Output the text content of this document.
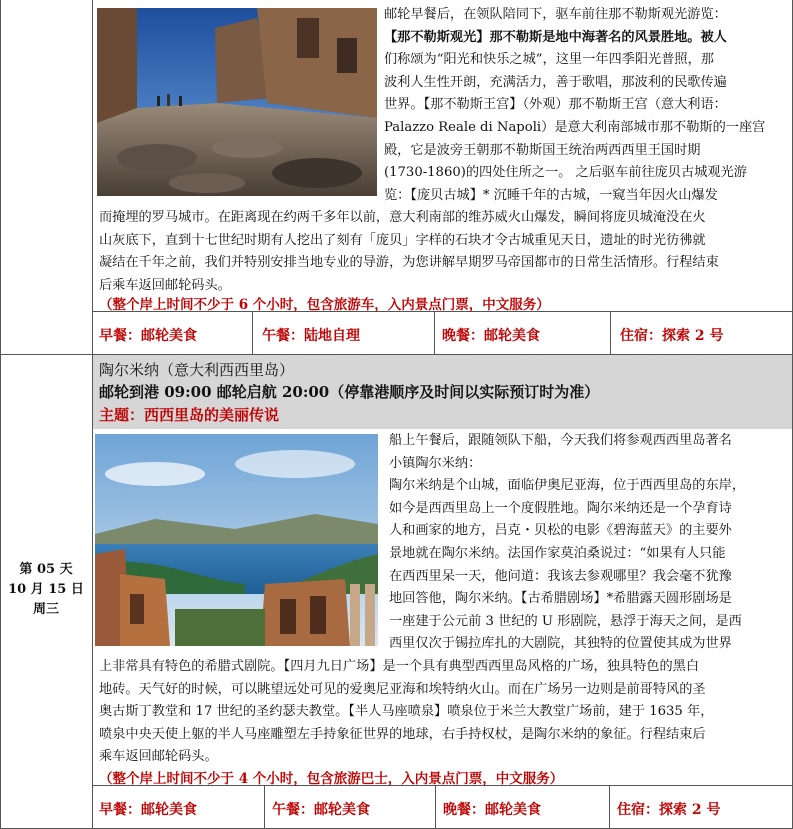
邮轮早餐后，在领队陪同下，驱车前往那不勒斯观光游览：
【那不勒斯观光】那不勒斯是地中海著名的风景胜地。被人
们称颂为“阳光和快乐之城”，这里一年四季阳光普照，那
波利人生性开朗，充满活力，善于歌唱，那波利的民歌传遍
世界。【那不勒斯王宫】（外观）那不勒斯王宫（意大利语：
Palazzo Reale di Napoli）是意大利南部城市那不勒斯的一座宫
殿，它是波旁王朝那不勒斯国王统治两西西里王国时期
(1730-1860)的四处住所之一。 之后驱车前往庞贝古城观光游
览：【庞贝古城】* 沉睡千年的古城，一窥当年因火山爆发
而掩埋的罗马城市。在距离现在约两千多年以前，意大利南部的维苏威火山爆发，瞬间将庞贝城淹没在火
山灰底下，直到十七世纪时期有人挖出了刻有「庞贝」字样的石块才令古城重见天日，遗址的时光彷彿就
凝结在千年之前，我们并特别安排当地专业的导游，为您讲解早期罗马帝国都市的日常生活情形。行程结束
后乘车返回邮轮码头。
（整个岸上时间不少于 6 个小时，包含旅游车，入内景点门票，中文服务）
早餐：邮轮美食	午餐：陆地自理	晚餐：邮轮美食	住宿：探索 2 号
第 05 天
10 月 15 日
周三
陶尔米纳（意大利西西里岛）
邮轮到港 09:00 邮轮启航 20:00（停靠港顺序及时间以实际预订时为准）
主题：西西里岛的美丽传说
船上午餐后，跟随领队下船，今天我们将参观西西里岛著名
小镇陶尔米纳：
陶尔米纳是个山城，面临伊奥尼亚海，位于西西里岛的东岸，
如今是西西里岛上一个度假胜地。陶尔米纳还是一个孕育诗
人和画家的地方，吕克・贝松的电影《碧海蓝天》的主要外
景地就在陶尔米纳。法国作家莫泊桑说过：“如果有人只能
在西西里呆一天，他问道：我该去参观哪里？我会毫不犹豫
地回答他，陶尔米纳。【古希腊剧场】*希腊露天圆形剧场是
一座建于公元前 3 世纪的 U 形剧院，悬浮于海天之间，是西
西里仅次于锡拉库扎的大剧院，其独特的位置使其成为世界
上非常具有特色的希腊式剧院。【四月九日广场】是一个具有典型西西里岛风格的广场，独具特色的黑白
地砖。天气好的时候，可以眺望远处可见的爱奥尼亚海和埃特纳火山。而在广场另一边则是前哥特风的圣
奥古斯丁教堂和 17 世纪的圣约瑟夫教堂。【半人马座喷泉】喷泉位于米兰大教堂广场前，建于 1635 年，
喷泉中央天使上躯的半人马座雕塑左手持象征世界的地球，右手持权杖，是陶尔米纳的象征。行程结束后
乘车返回邮轮码头。
（整个岸上时间不少于 4 个小时，包含旅游巴士，入内景点门票，中文服务）
早餐：邮轮美食	午餐：邮轮美食	晚餐：邮轮美食	住宿：探索 2 号
